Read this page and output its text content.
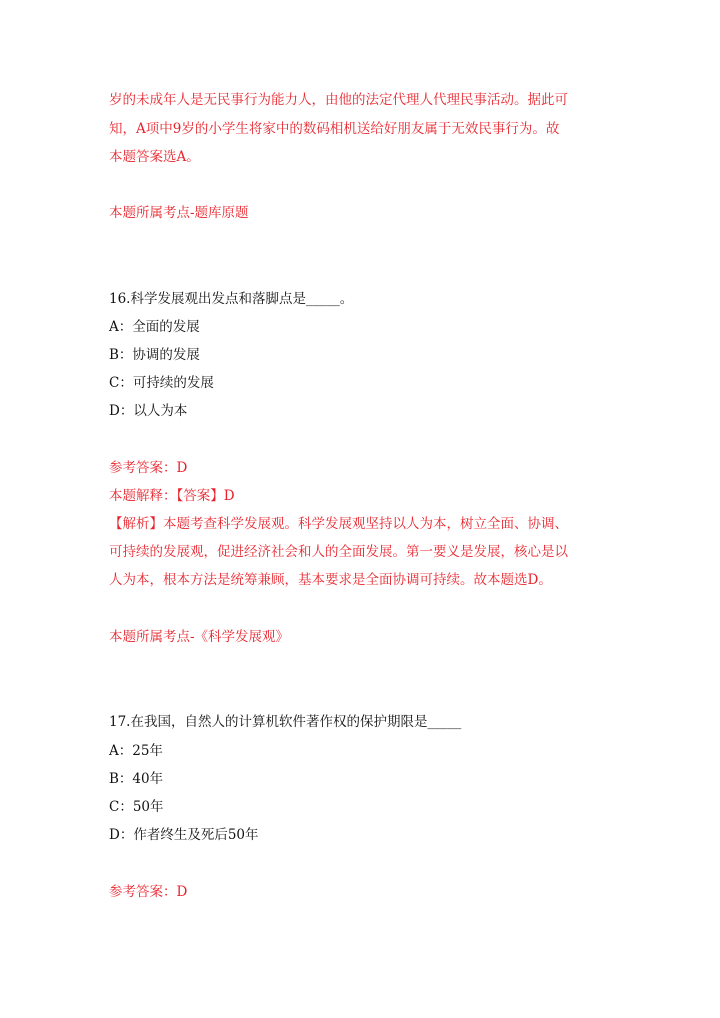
岁的未成年人是无民事行为能力人，由他的法定代理人代理民事活动。据此可
知，A项中9岁的小学生将家中的数码相机送给好朋友属于无效民事行为。故
本题答案选A。
本题所属考点-题库原题
16.科学发展观出发点和落脚点是_____。
A：全面的发展
B：协调的发展
C：可持续的发展
D：以人为本
参考答案：D
本题解释：【答案】D
【解析】本题考查科学发展观。科学发展观坚持以人为本，树立全面、协调、
可持续的发展观，促进经济社会和人的全面发展。第一要义是发展，核心是以
人为本，根本方法是统筹兼顾，基本要求是全面协调可持续。故本题选D。
本题所属考点-《科学发展观》
17.在我国，自然人的计算机软件著作权的保护期限是_____
A：25年
B：40年
C：50年
D：作者终生及死后50年
参考答案：D
